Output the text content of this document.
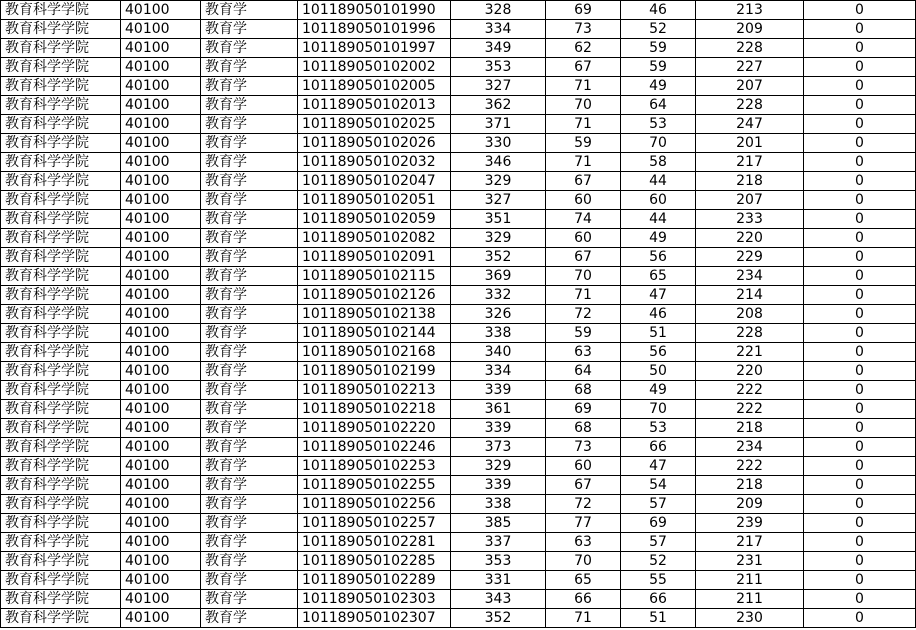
教育科学学院	40100	教育学	101189050101990	328	69	46	213	0
教育科学学院	40100	教育学	101189050101996	334	73	52	209	0
教育科学学院	40100	教育学	101189050101997	349	62	59	228	0
教育科学学院	40100	教育学	101189050102002	353	67	59	227	0
教育科学学院	40100	教育学	101189050102005	327	71	49	207	0
教育科学学院	40100	教育学	101189050102013	362	70	64	228	0
教育科学学院	40100	教育学	101189050102025	371	71	53	247	0
教育科学学院	40100	教育学	101189050102026	330	59	70	201	0
教育科学学院	40100	教育学	101189050102032	346	71	58	217	0
教育科学学院	40100	教育学	101189050102047	329	67	44	218	0
教育科学学院	40100	教育学	101189050102051	327	60	60	207	0
教育科学学院	40100	教育学	101189050102059	351	74	44	233	0
教育科学学院	40100	教育学	101189050102082	329	60	49	220	0
教育科学学院	40100	教育学	101189050102091	352	67	56	229	0
教育科学学院	40100	教育学	101189050102115	369	70	65	234	0
教育科学学院	40100	教育学	101189050102126	332	71	47	214	0
教育科学学院	40100	教育学	101189050102138	326	72	46	208	0
教育科学学院	40100	教育学	101189050102144	338	59	51	228	0
教育科学学院	40100	教育学	101189050102168	340	63	56	221	0
教育科学学院	40100	教育学	101189050102199	334	64	50	220	0
教育科学学院	40100	教育学	101189050102213	339	68	49	222	0
教育科学学院	40100	教育学	101189050102218	361	69	70	222	0
教育科学学院	40100	教育学	101189050102220	339	68	53	218	0
教育科学学院	40100	教育学	101189050102246	373	73	66	234	0
教育科学学院	40100	教育学	101189050102253	329	60	47	222	0
教育科学学院	40100	教育学	101189050102255	339	67	54	218	0
教育科学学院	40100	教育学	101189050102256	338	72	57	209	0
教育科学学院	40100	教育学	101189050102257	385	77	69	239	0
教育科学学院	40100	教育学	101189050102281	337	63	57	217	0
教育科学学院	40100	教育学	101189050102285	353	70	52	231	0
教育科学学院	40100	教育学	101189050102289	331	65	55	211	0
教育科学学院	40100	教育学	101189050102303	343	66	66	211	0
教育科学学院	40100	教育学	101189050102307	352	71	51	230	0
